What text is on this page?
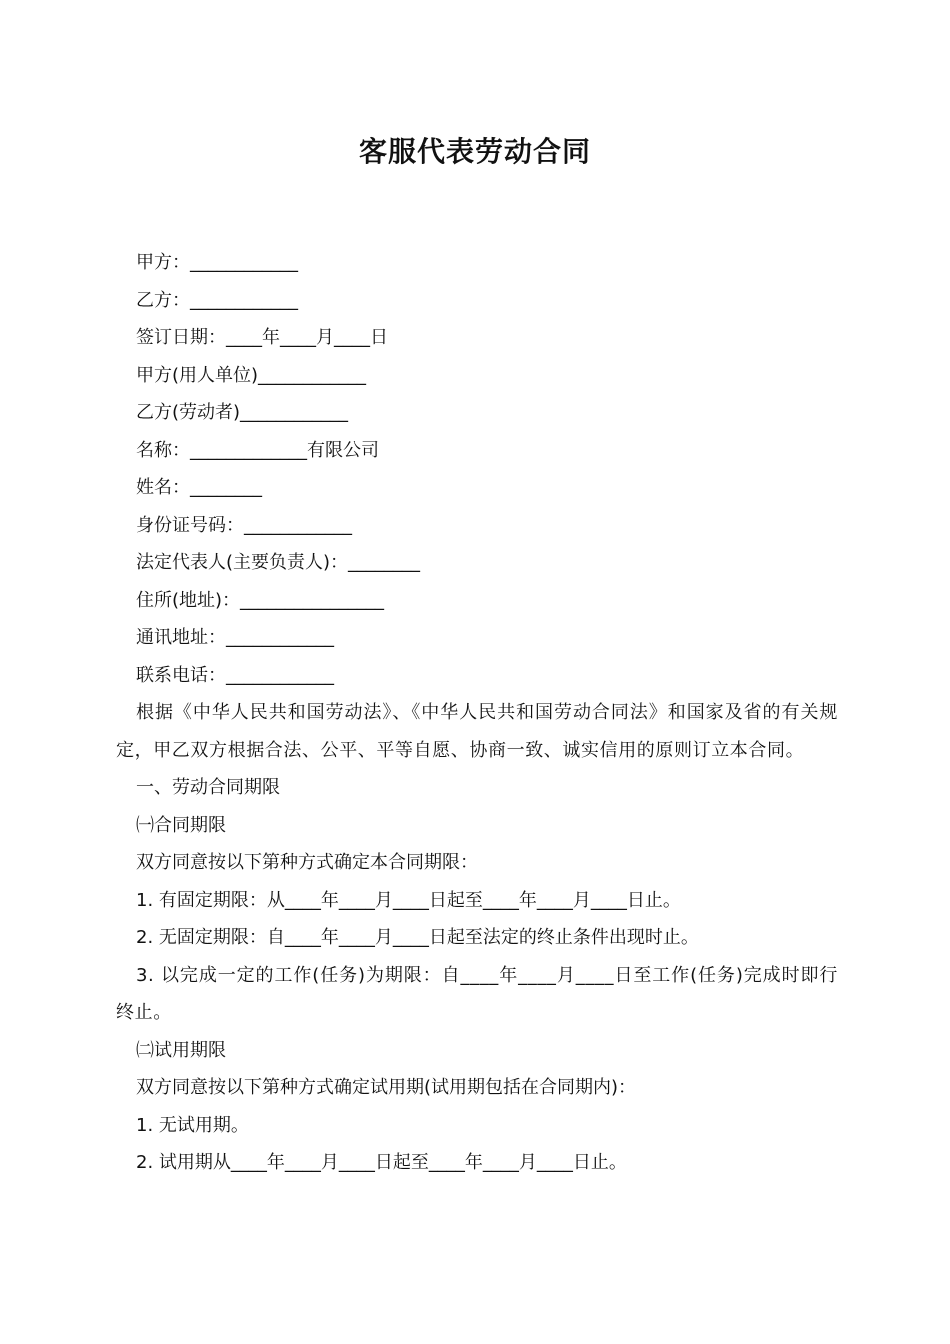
客服代表劳动合同

甲方：____________

乙方：____________

签订日期：____年____月____日

甲方(用人单位)____________

乙方(劳动者)____________

名称：_____________有限公司

姓名：________

身份证号码：____________

法定代表人(主要负责人)：________

住所(地址)：________________

通讯地址：____________

联系电话：____________

根据《中华人民共和国劳动法》、《中华人民共和国劳动合同法》和国家及省的有关规定，甲乙双方根据合法、公平、平等自愿、协商一致、诚实信用的原则订立本合同。

一、劳动合同期限

㈠合同期限

双方同意按以下第种方式确定本合同期限：

1. 有固定期限：从____年____月____日起至____年____月____日止。

2. 无固定期限：自____年____月____日起至法定的终止条件出现时止。

3. 以完成一定的工作(任务)为期限：自____年____月____日至工作(任务)完成时即行终止。

㈡试用期限

双方同意按以下第种方式确定试用期(试用期包括在合同期内)：

1. 无试用期。

2. 试用期从____年____月____日起至____年____月____日止。
